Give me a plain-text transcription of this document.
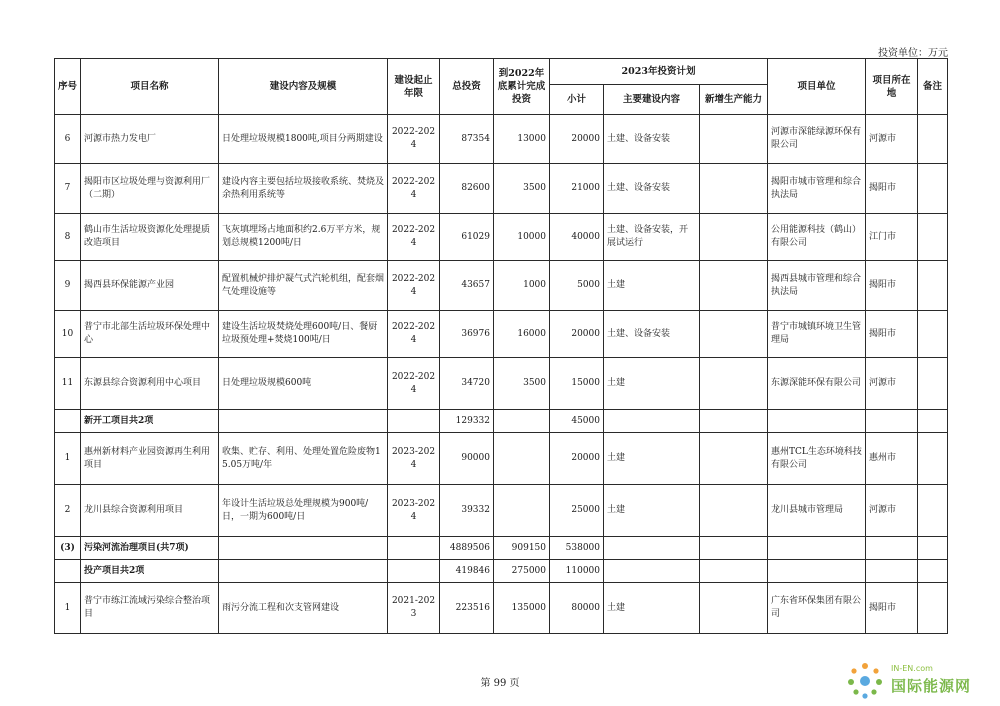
投资单位：万元
序号	项目名称	建设内容及规模	建设起止年限	总投资	到2022年底累计完成投资	2023年投资计划			项目单位	项目所在地	备注
						小计	主要建设内容	新增生产能力			
6	河源市热力发电厂	日处理垃圾规模1800吨,项目分两期建设	2022-2024	87354	13000	20000	土建、设备安装		河源市深能绿源环保有限公司	河源市	
7	揭阳市区垃圾处理与资源利用厂（二期）	建设内容主要包括垃圾接收系统、焚烧及余热利用系统等	2022-2024	82600	3500	21000	土建、设备安装		揭阳市城市管理和综合执法局	揭阳市	
8	鹤山市生活垃圾资源化处理提质改造项目	飞灰填埋场占地面积约2.6万平方米，规划总规模1200吨/日	2022-2024	61029	10000	40000	土建、设备安装，开展试运行		公用能源科技（鹤山）有限公司	江门市	
9	揭西县环保能源产业园	配置机械炉排炉凝气式汽轮机组，配套烟气处理设施等	2022-2024	43657	1000	5000	土建		揭西县城市管理和综合执法局	揭阳市	
10	普宁市北部生活垃圾环保处理中心	建设生活垃圾焚烧处理600吨/日、餐厨垃圾预处理+焚烧100吨/日	2022-2024	36976	16000	20000	土建、设备安装		普宁市城镇环境卫生管理局	揭阳市	
11	东源县综合资源利用中心项目	日处理垃圾规模600吨	2022-2024	34720	3500	15000	土建		东源深能环保有限公司	河源市	
	新开工项目共2项			129332		45000					
1	惠州新材料产业园资源再生利用项目	收集、贮存、利用、处理处置危险废物15.05万吨/年	2023-2024	90000		20000	土建		惠州TCL生态环境科技有限公司	惠州市	
2	龙川县综合资源利用项目	年设计生活垃圾总处理规模为900吨/日，一期为600吨/日	2023-2024	39332		25000	土建		龙川县城市管理局	河源市	
(3)	污染河流治理项目(共7项)			4889506	909150	538000					
	投产项目共2项			419846	275000	110000					
1	普宁市练江流域污染综合整治项目	雨污分流工程和次支管网建设	2021-2023	223516	135000	80000	土建		广东省环保集团有限公司	揭阳市	
第 99 页
IN-EN.com
国际能源网
